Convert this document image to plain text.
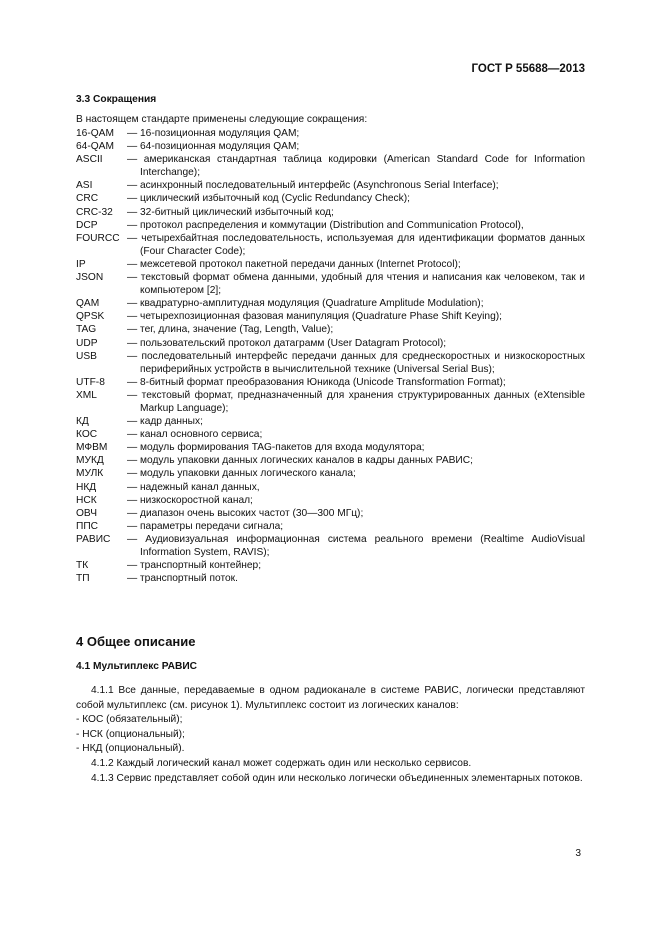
ГОСТ Р 55688—2013
3.3 Сокращения
В настоящем стандарте применены следующие сокращения:
16-QAM	— 16-позиционная модуляция QAM;
64-QAM	— 64-позиционная модуляция QAM;
ASCII	— американская стандартная таблица кодировки (American Standard Code for Information Interchange);
ASI	— асинхронный последовательный интерфейс (Asynchronous Serial Interface);
CRC	— циклический избыточный код (Cyclic Redundancy Check);
CRC-32	— 32-битный циклический избыточный код;
DCP	— протокол распределения и коммутации (Distribution and Communication Protocol),
FOURCC — четырехбайтная последовательность, используемая для идентификации форматов данных (Four Character Code);
IP	— межсетевой протокол пакетной передачи данных (Internet Protocol);
JSON	— текстовый формат обмена данными, удобный для чтения и написания как человеком, так и компьютером [2];
QAM	— квадратурно-амплитудная модуляция (Quadrature Amplitude Modulation);
QPSK	— четырехпозиционная фазовая манипуляция (Quadrature Phase Shift Keying);
TAG	— тег, длина, значение (Tag, Length, Value);
UDP	— пользовательский протокол датаграмм (User Datagram Protocol);
USB	— последовательный интерфейс передачи данных для среднескоростных и низкоскоростных периферийных устройств в вычислительной технике (Universal Serial Bus);
UTF-8	— 8-битный формат преобразования Юникода (Unicode Transformation Format);
XML	— текстовый формат, предназначенный для хранения структурированных данных (eXtensible Markup Language);
КД	— кадр данных;
КОС	— канал основного сервиса;
МФВМ	— модуль формирования TAG-пакетов для входа модулятора;
МУКД	— модуль упаковки данных логических каналов в кадры данных РАВИС;
МУЛК	— модуль упаковки данных логического канала;
НКД	— надежный канал данных,
НСК	— низкоскоростной канал;
ОВЧ	— диапазон очень высоких частот (30—300 МГц);
ППС	— параметры передачи сигнала;
РАВИС	— Аудиовизуальная информационная система реального времени (Realtime AudioVisual Information System, RAVIS);
ТК	— транспортный контейнер;
ТП	— транспортный поток.
4 Общее описание
4.1 Мультиплекс РАВИС

4.1.1 Все данные, передаваемые в одном радиоканале в системе РАВИС, логически представляют собой мультиплекс (см. рисунок 1). Мультиплекс состоит из логических каналов:

- КОС (обязательный);

- НСК (опциональный);

- НКД (опциональный).

4.1.2 Каждый логический канал может содержать один или несколько сервисов.

4.1.3 Сервис представляет собой один или несколько логически объединенных элементарных потоков.

3
